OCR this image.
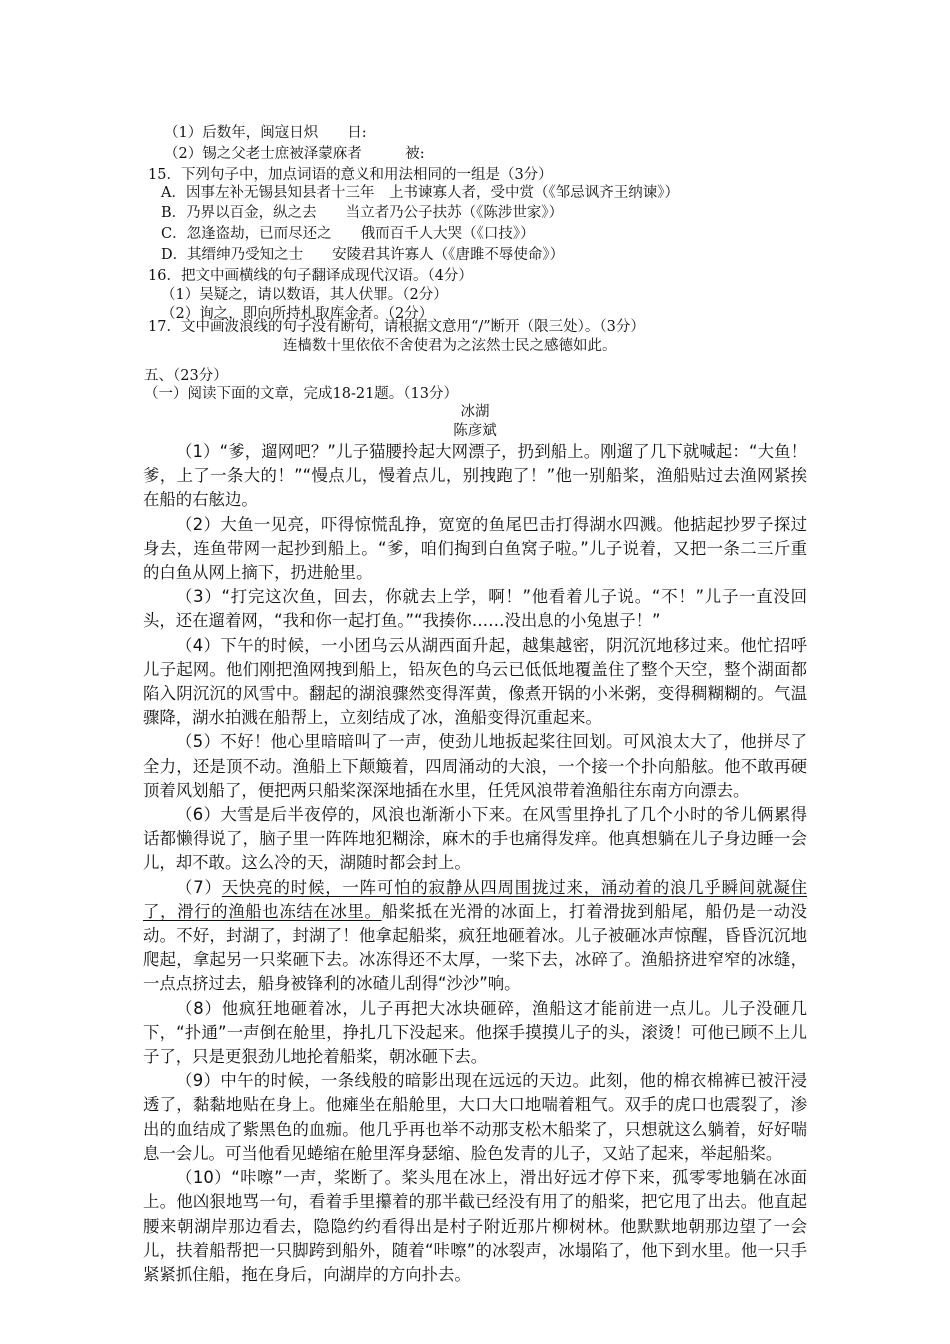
（1）后数年，闽寇日炽　　日:
（2）锡之父老士庶被泽蒙庥者　　　被:
15．下列句子中，加点词语的意义和用法相同的一组是（3分）
A．因事左补无锡县知县者十三年　上书谏寡人者，受中赏（《邹忌讽齐王纳谏》）
B．乃界以百金，纵之去　　当立者乃公子扶苏（《陈涉世家》）
C．忽逢盗劫，已而尽还之　　俄而百千人大哭（《口技》）
D．其缙绅乃受知之士　　安陵君其许寡人（《唐雎不辱使命》）
16．把文中画横线的句子翻译成现代汉语。（4分）
（1）吴疑之，请以数语，其人伏罪。（2分）
（2）询之，即向所持札取库金者。（2分）
17．文中画波浪线的句子没有断句，请根据文意用“/”断开（限三处）。（3分）
连樯数十里依依不舍使君为之泫然士民之感德如此。
五、（23分）
（一）阅读下面的文章，完成18-21题。（13分）
冰湖
陈彦斌

（1）“爹，遛网吧？”儿子猫腰拎起大网漂子，扔到船上。刚遛了几下就喊起：“大鱼！爹，上了一条大的！”“慢点儿，慢着点儿，别拽跑了！”他一别船桨，渔船贴过去渔网紧挨在船的右舷边。

（2）大鱼一见亮，吓得惊慌乱挣，宽宽的鱼尾巴击打得湖水四溅。他掂起抄罗子探过身去，连鱼带网一起抄到船上。“爹，咱们掏到白鱼窝子啦。”儿子说着，又把一条二三斤重的白鱼从网上摘下，扔进舱里。

（3）“打完这次鱼，回去，你就去上学，啊！”他看着儿子说。“不！”儿子一直没回头，还在遛着网，“我和你一起打鱼。”“我揍你……没出息的小兔崽子！”

（4）下午的时候，一小团乌云从湖西面升起，越集越密，阴沉沉地移过来。他忙招呼儿子起网。他们刚把渔网拽到船上，铅灰色的乌云已低低地覆盖住了整个天空，整个湖面都陷入阴沉沉的风雪中。翻起的湖浪骤然变得浑黄，像煮开锅的小米粥，变得稠糊糊的。气温骤降，湖水拍溅在船帮上，立刻结成了冰，渔船变得沉重起来。

（5）不好！他心里暗暗叫了一声，使劲儿地扳起桨往回划。可风浪太大了，他拼尽了全力，还是顶不动。渔船上下颠簸着，四周涌动的大浪，一个接一个扑向船舷。他不敢再硬顶着风划船了，便把两只船桨深深地插在水里，任凭风浪带着渔船往东南方向漂去。

（6）大雪是后半夜停的，风浪也渐渐小下来。在风雪里挣扎了几个小时的爷儿俩累得话都懒得说了，脑子里一阵阵地犯糊涂，麻木的手也痛得发痒。他真想躺在儿子身边睡一会儿，却不敢。这么冷的天，湖随时都会封上。

（7）天快亮的时候，一阵可怕的寂静从四周围拢过来，涌动着的浪几乎瞬间就凝住了，滑行的渔船也冻结在冰里。船桨抵在光滑的冰面上，打着滑拢到船尾，船仍是一动没动。不好，封湖了，封湖了！他拿起船桨，疯狂地砸着冰。儿子被砸冰声惊醒，昏昏沉沉地爬起，拿起另一只桨砸下去。冰冻得还不太厚，一桨下去，冰碎了。渔船挤进窄窄的冰缝，一点点挤过去，船身被锋利的冰碴儿刮得“沙沙”响。

（8）他疯狂地砸着冰，儿子再把大冰块砸碎，渔船这才能前进一点儿。儿子没砸几下，“扑通”一声倒在舱里，挣扎几下没起来。他探手摸摸儿子的头，滚烫！可他已顾不上儿子了，只是更狠劲儿地抡着船桨，朝冰砸下去。

（9）中午的时候，一条线般的暗影出现在远远的天边。此刻，他的棉衣棉裤已被汗浸透了，黏黏地贴在身上。他瘫坐在船舱里，大口大口地喘着粗气。双手的虎口也震裂了，渗出的血结成了紫黑色的血痂。他几乎再也举不动那支松木船桨了，只想就这么躺着，好好喘息一会儿。可当他看见蜷缩在舱里浑身瑟缩、脸色发青的儿子，又站了起来，举起船桨。

（10）“咔嚓”一声，桨断了。桨头甩在冰上，滑出好远才停下来，孤零零地躺在冰面上。他凶狠地骂一句，看着手里攥着的那半截已经没有用了的船桨，把它甩了出去。他直起腰来朝湖岸那边看去，隐隐约约看得出是村子附近那片柳树林。他默默地朝那边望了一会儿，扶着船帮把一只脚跨到船外，随着“咔嚓”的冰裂声，冰塌陷了，他下到水里。他一只手紧紧抓住船，拖在身后，向湖岸的方向扑去。
